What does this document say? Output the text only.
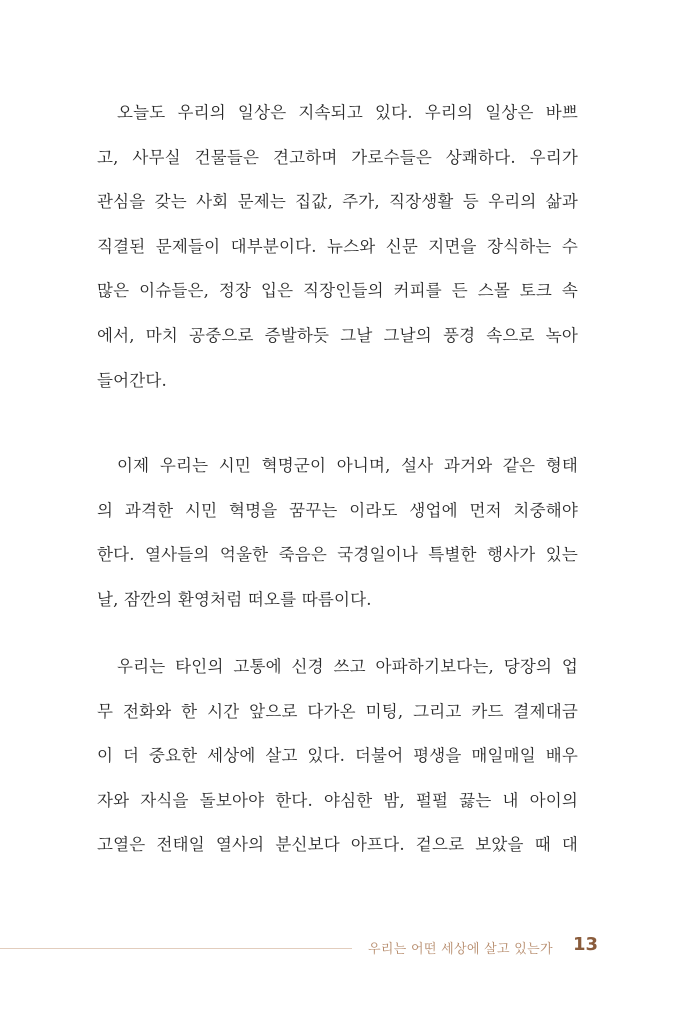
오늘도 우리의 일상은 지속되고 있다. 우리의 일상은 바쁘
고, 사무실 건물들은 견고하며 가로수들은 상쾌하다. 우리가
관심을 갖는 사회 문제는 집값, 주가, 직장생활 등 우리의 삶과
직결된 문제들이 대부분이다. 뉴스와 신문 지면을 장식하는 수
많은 이슈들은, 정장 입은 직장인들의 커피를 든 스몰 토크 속
에서, 마치 공중으로 증발하듯 그날 그날의 풍경 속으로 녹아
들어간다.
이제 우리는 시민 혁명군이 아니며, 설사 과거와 같은 형태
의 과격한 시민 혁명을 꿈꾸는 이라도 생업에 먼저 치중해야
한다. 열사들의 억울한 죽음은 국경일이나 특별한 행사가 있는
날, 잠깐의 환영처럼 떠오를 따름이다.
우리는 타인의 고통에 신경 쓰고 아파하기보다는, 당장의 업
무 전화와 한 시간 앞으로 다가온 미팅, 그리고 카드 결제대금
이 더 중요한 세상에 살고 있다. 더불어 평생을 매일매일 배우
자와 자식을 돌보아야 한다. 야심한 밤, 펄펄 끓는 내 아이의
고열은 전태일 열사의 분신보다 아프다. 겉으로 보았을 때 대
우리는 어떤 세상에 살고 있는가 13
